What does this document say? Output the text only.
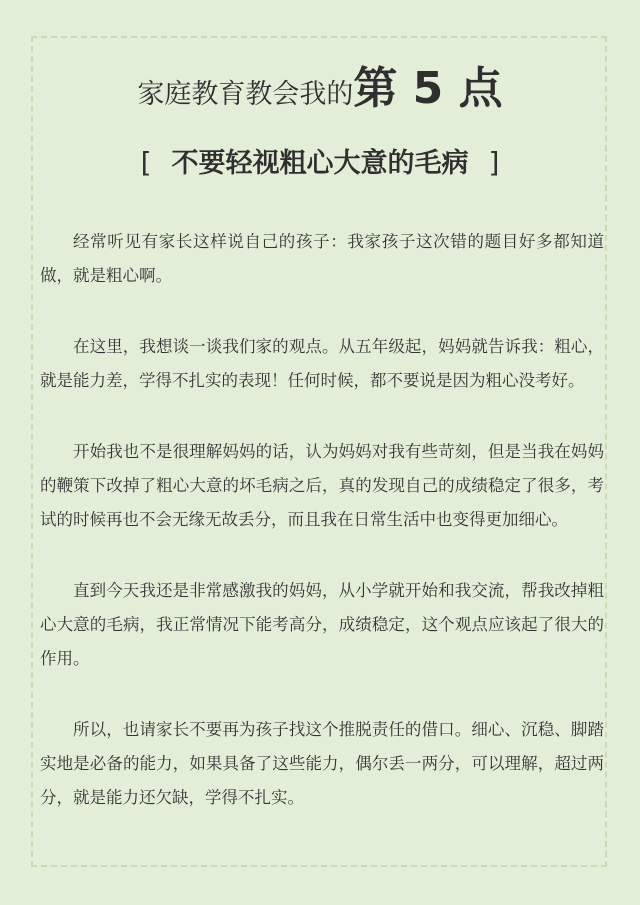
家庭教育教会我的第 5 点
[ 不要轻视粗心大意的毛病 ]

经常听见有家长这样说自己的孩子：我家孩子这次错的题目好多都知道做，就是粗心啊。

在这里，我想谈一谈我们家的观点。从五年级起，妈妈就告诉我：粗心，就是能力差，学得不扎实的表现！任何时候，都不要说是因为粗心没考好。

开始我也不是很理解妈妈的话，认为妈妈对我有些苛刻，但是当我在妈妈的鞭策下改掉了粗心大意的坏毛病之后，真的发现自己的成绩稳定了很多，考试的时候再也不会无缘无故丢分，而且我在日常生活中也变得更加细心。

直到今天我还是非常感激我的妈妈，从小学就开始和我交流，帮我改掉粗心大意的毛病，我正常情况下能考高分，成绩稳定，这个观点应该起了很大的作用。

所以，也请家长不要再为孩子找这个推脱责任的借口。细心、沉稳、脚踏实地是必备的能力，如果具备了这些能力，偶尔丢一两分，可以理解，超过两分，就是能力还欠缺，学得不扎实。
